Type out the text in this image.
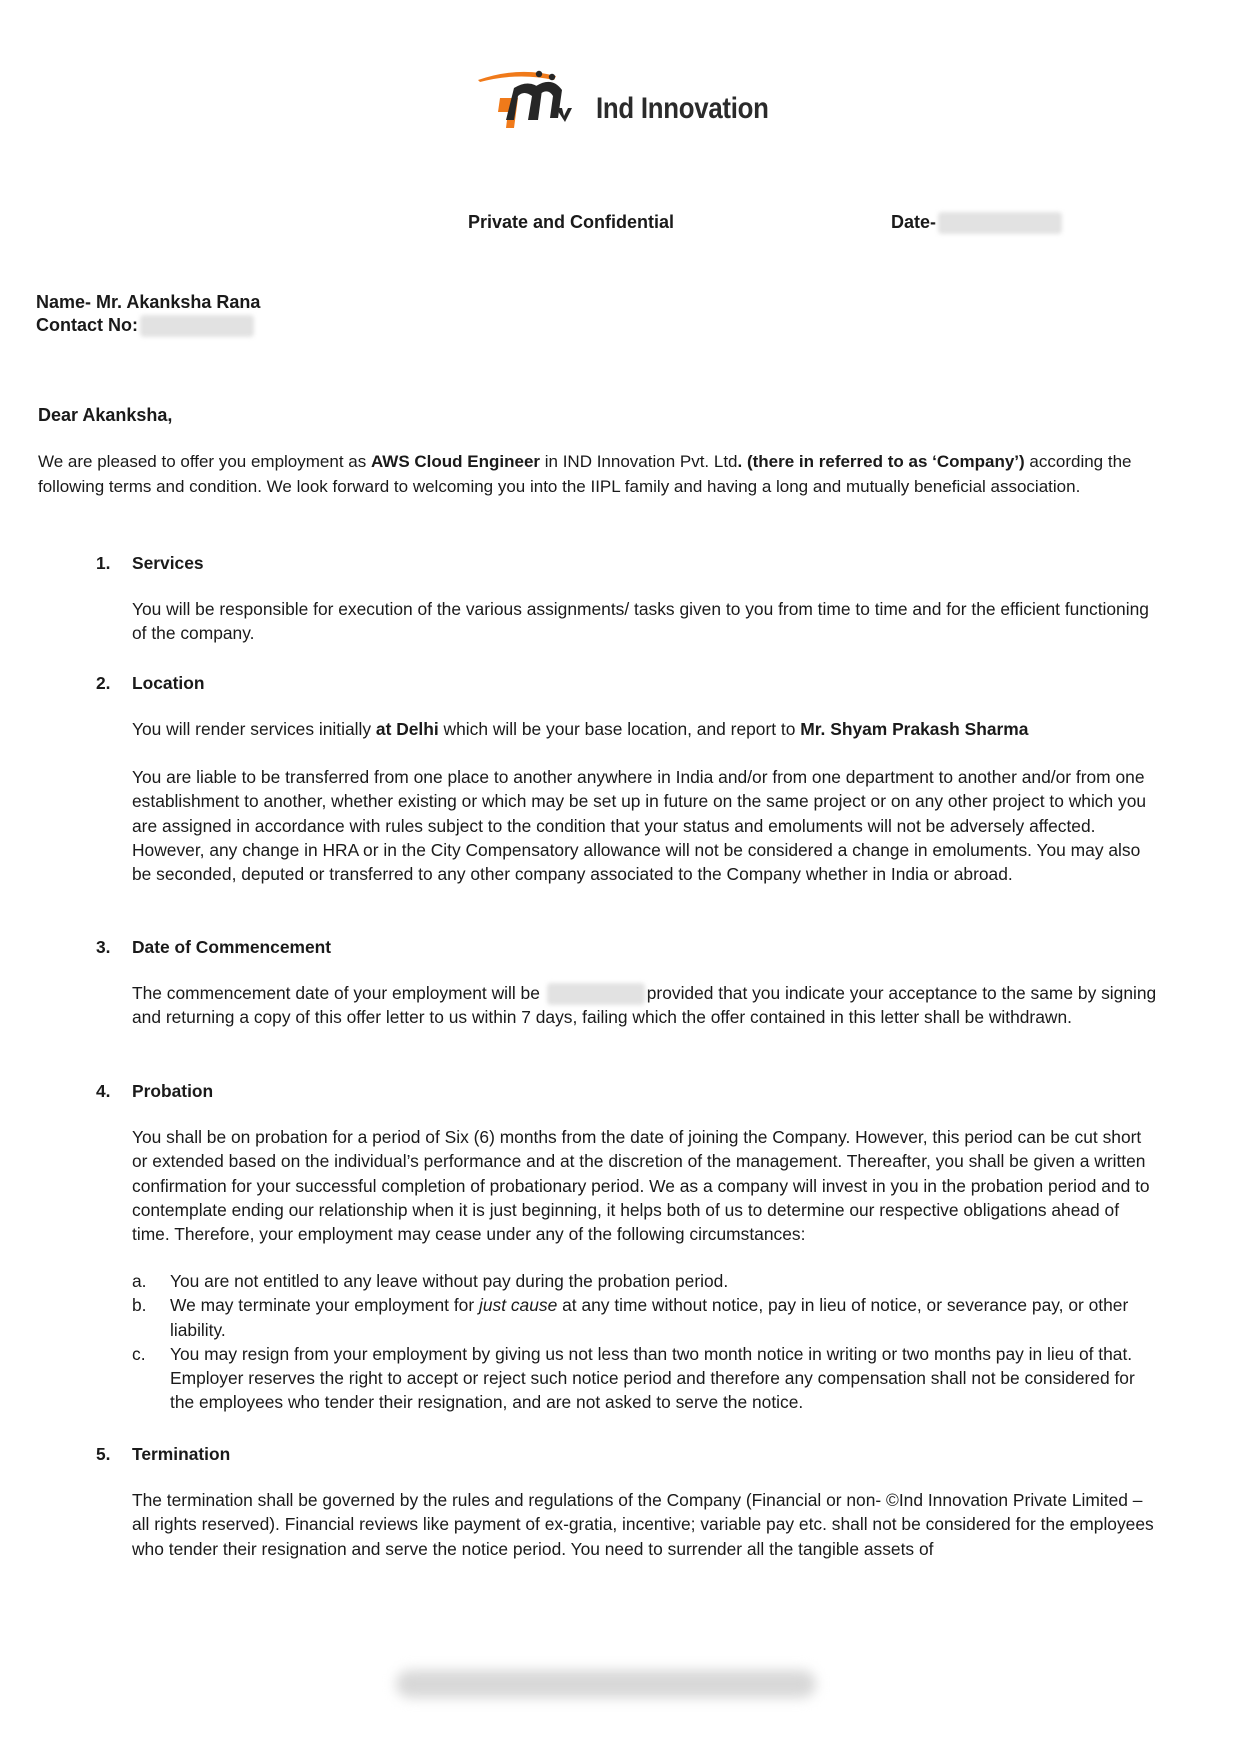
Ind Innovation
Private and Confidential	Date-
Name- Mr. Akanksha Rana
Contact No:
Dear Akanksha,
We are pleased to offer you employment as AWS Cloud Engineer in IND Innovation Pvt. Ltd. (there in referred to as ‘Company’) according the following terms and condition. We look forward to welcoming you into the IIPL family and having a long and mutually beneficial association.
1. Services
You will be responsible for execution of the various assignments/ tasks given to you from time to time and for the efficient functioning of the company.
2. Location
You will render services initially at Delhi which will be your base location, and report to Mr. Shyam Prakash Sharma
You are liable to be transferred from one place to another anywhere in India and/or from one department to another and/or from one establishment to another, whether existing or which may be set up in future on the same project or on any other project to which you are assigned in accordance with rules subject to the condition that your status and emoluments will not be adversely affected. However, any change in HRA or in the City Compensatory allowance will not be considered a change in emoluments. You may also be seconded, deputed or transferred to any other company associated to the Company whether in India or abroad.
3. Date of Commencement
The commencement date of your employment will be	provided that you indicate your acceptance to the same by signing and returning a copy of this offer letter to us within 7 days, failing which the offer contained in this letter shall be withdrawn.
4. Probation
You shall be on probation for a period of Six (6) months from the date of joining the Company. However, this period can be cut short or extended based on the individual’s performance and at the discretion of the management. Thereafter, you shall be given a written confirmation for your successful completion of probationary period. We as a company will invest in you in the probation period and to contemplate ending our relationship when it is just beginning, it helps both of us to determine our respective obligations ahead of time. Therefore, your employment may cease under any of the following circumstances:
a. You are not entitled to any leave without pay during the probation period.
b. We may terminate your employment for just cause at any time without notice, pay in lieu of notice, or severance pay, or other liability.
c. You may resign from your employment by giving us not less than two month notice in writing or two months pay in lieu of that. Employer reserves the right to accept or reject such notice period and therefore any compensation shall not be considered for the employees who tender their resignation, and are not asked to serve the notice.
5. Termination
The termination shall be governed by the rules and regulations of the Company (Financial or non- ©Ind Innovation Private Limited – all rights reserved). Financial reviews like payment of ex-gratia, incentive; variable pay etc. shall not be considered for the employees who tender their resignation and serve the notice period. You need to surrender all the tangible assets of
